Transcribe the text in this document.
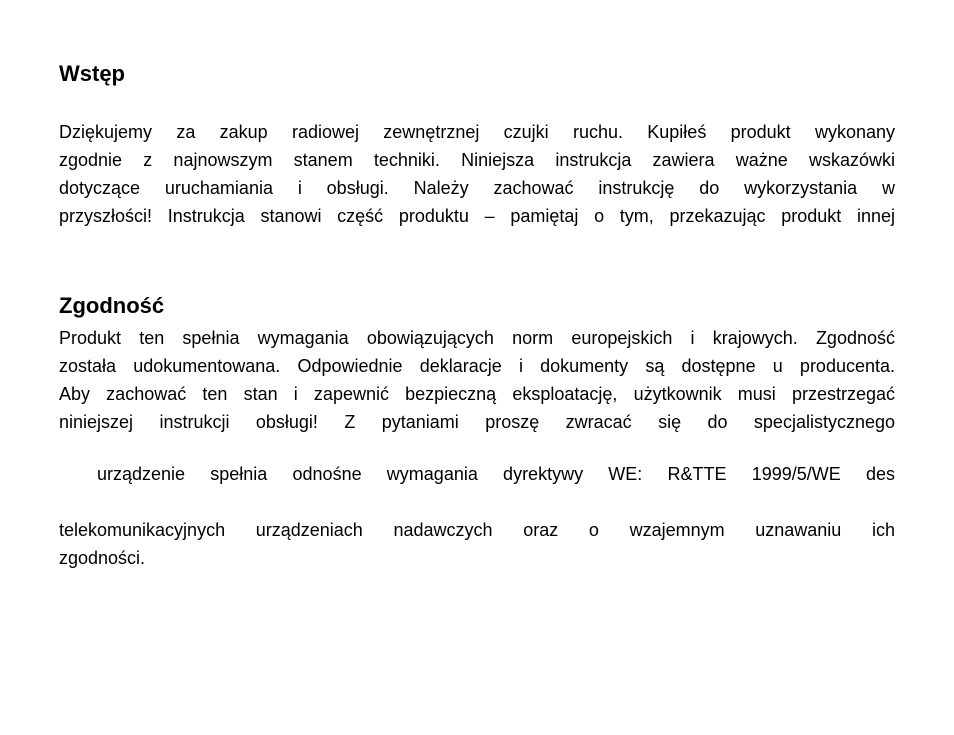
Wstęp
Dziękujemy za zakup radiowej zewnętrznej czujki ruchu. Kupiłeś produkt wykonany
zgodnie z najnowszym stanem techniki. Niniejsza instrukcja zawiera ważne wskazówki
dotyczące uruchamiania i obsługi. Należy zachować instrukcję do wykorzystania w
przyszłości! Instrukcja stanowi część produktu – pamiętaj o tym, przekazując produkt innej
Zgodność
Produkt ten spełnia wymagania obowiązujących norm europejskich i krajowych. Zgodność
została udokumentowana. Odpowiednie deklaracje i dokumenty są dostępne u producenta.
Aby zachować ten stan i zapewnić bezpieczną eksploatację, użytkownik musi przestrzegać
niniejszej instrukcji obsługi! Z pytaniami proszę zwracać się do specjalistycznego

urządzenie spełnia odnośne wymagania dyrektywy WE: R&TTE 1999/5/WE des

telekomunikacyjnych urządzeniach nadawczych oraz o wzajemnym uznawaniu ich
zgodności.
